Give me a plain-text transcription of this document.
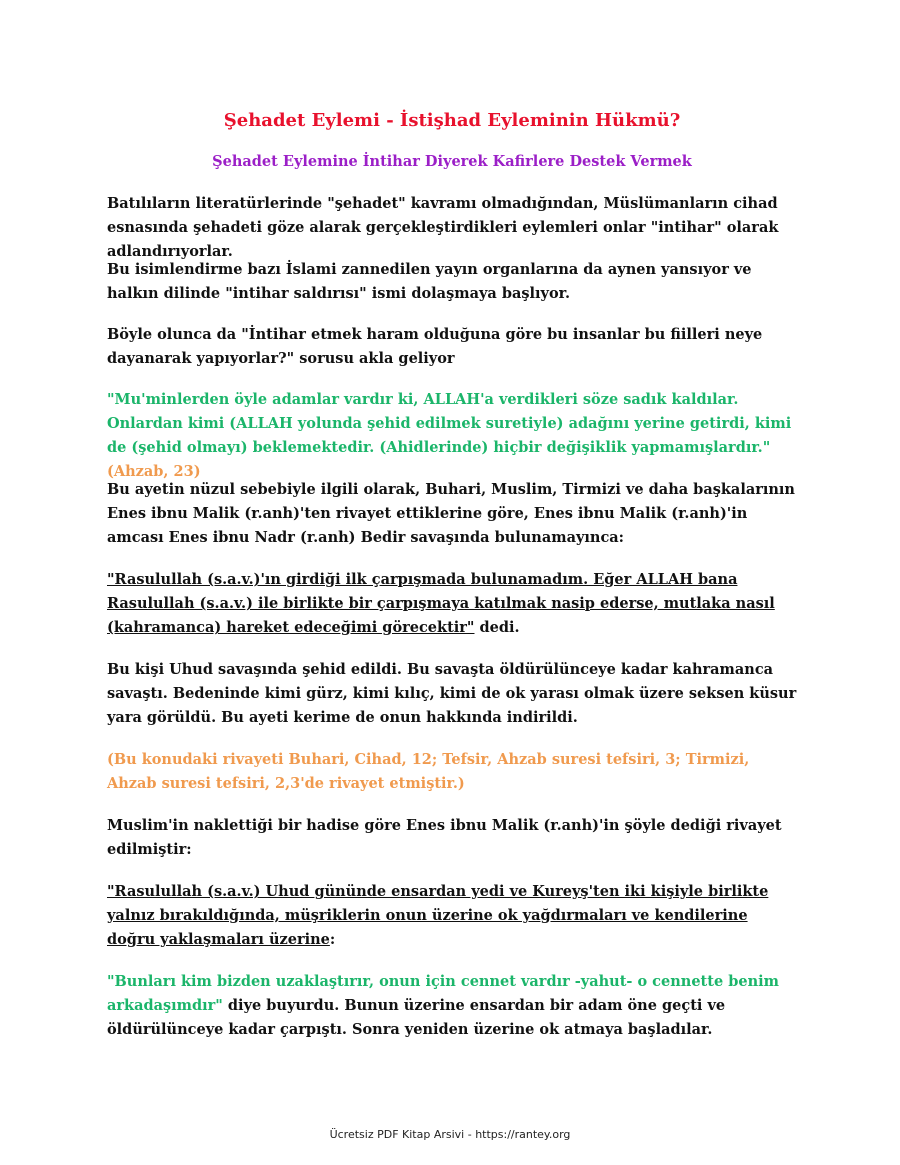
Şehadet Eylemi - İstişhad Eyleminin Hükmü?
Şehadet Eylemine İntihar Diyerek Kafirlere Destek Vermek

Batılıların literatürlerinde "şehadet" kavramı olmadığından, Müslümanların cihad esnasında şehadeti göze alarak gerçekleştirdikleri eylemleri onlar "intihar" olarak adlandırıyorlar.

Bu isimlendirme bazı İslami zannedilen yayın organlarına da aynen yansıyor ve halkın dilinde "intihar saldırısı" ismi dolaşmaya başlıyor.

Böyle olunca da "İntihar etmek haram olduğuna göre bu insanlar bu fiilleri neye dayanarak yapıyorlar?" sorusu akla geliyor

"Mu'minlerden öyle adamlar vardır ki, ALLAH'a verdikleri söze sadık kaldılar. Onlardan kimi (ALLAH yolunda şehid edilmek suretiyle) adağını yerine getirdi, kimi de (şehid olmayı) beklemektedir. (Ahidlerinde) hiçbir değişiklik yapmamışlardır." (Ahzab, 23)

Bu ayetin nüzul sebebiyle ilgili olarak, Buhari, Muslim, Tirmizi ve daha başkalarının Enes ibnu Malik (r.anh)'ten rivayet ettiklerine göre, Enes ibnu Malik (r.anh)'in amcası Enes ibnu Nadr (r.anh) Bedir savaşında bulunamayınca:

"Rasulullah (s.a.v.)'ın girdiği ilk çarpışmada bulunamadım. Eğer ALLAH bana Rasulullah (s.a.v.) ile birlikte bir çarpışmaya katılmak nasip ederse, mutlaka nasıl (kahramanca) hareket edeceğimi görecektir" dedi.

Bu kişi Uhud savaşında şehid edildi. Bu savaşta öldürülünceye kadar kahramanca savaştı. Bedeninde kimi gürz, kimi kılıç, kimi de ok yarası olmak üzere seksen küsur yara görüldü. Bu ayeti kerime de onun hakkında indirildi.

(Bu konudaki rivayeti Buhari, Cihad, 12; Tefsir, Ahzab suresi tefsiri, 3; Tirmizi, Ahzab suresi tefsiri, 2,3'de rivayet etmiştir.)

Muslim'in naklettiği bir hadise göre Enes ibnu Malik (r.anh)'in şöyle dediği rivayet edilmiştir:

"Rasulullah (s.a.v.) Uhud gününde ensardan yedi ve Kureyş'ten iki kişiyle birlikte yalnız bırakıldığında, müşriklerin onun üzerine ok yağdırmaları ve kendilerine doğru yaklaşmaları üzerine:

"Bunları kim bizden uzaklaştırır, onun için cennet vardır -yahut- o cennette benim arkadaşımdır" diye buyurdu. Bunun üzerine ensardan bir adam öne geçti ve öldürülünceye kadar çarpıştı. Sonra yeniden üzerine ok atmaya başladılar.

Ücretsiz PDF Kitap Arsivi - https://rantey.org
